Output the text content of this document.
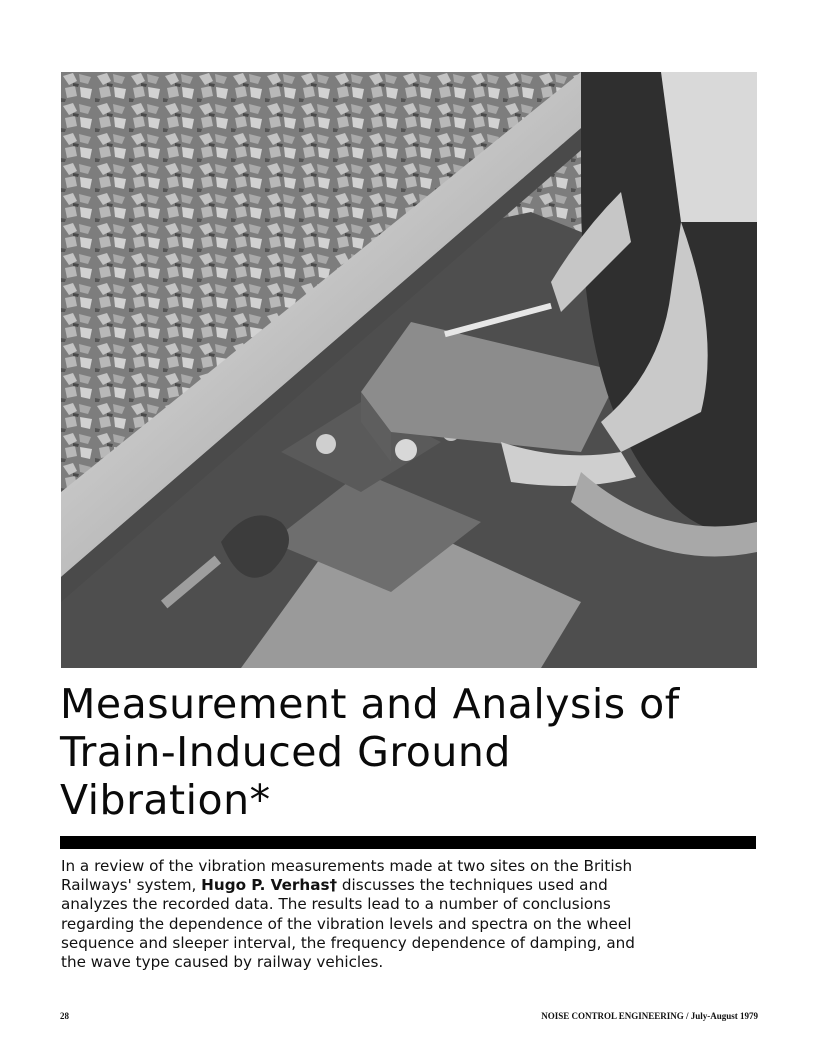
Measurement and Analysis of
Train-Induced Ground
Vibration*
In a review of the vibration measurements made at two sites on the British
Railways' system, Hugo P. Verhas† discusses the techniques used and
analyzes the recorded data. The results lead to a number of conclusions
regarding the dependence of the vibration levels and spectra on the wheel
sequence and sleeper interval, the frequency dependence of damping, and
the wave type caused by railway vehicles.
28	NOISE CONTROL ENGINEERING / July-August 1979
